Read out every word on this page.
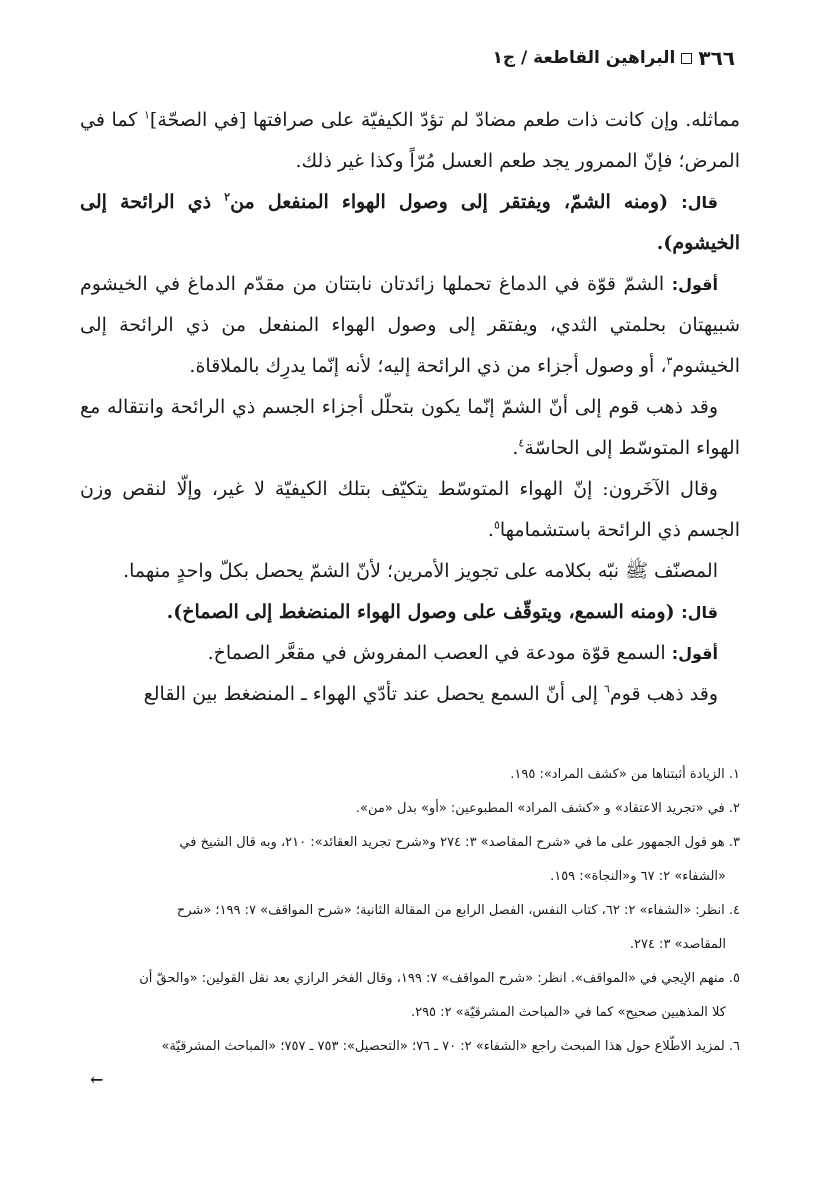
٣٦٦
البراهين القاطعة / ج١

مماثله. وإن كانت ذات طعم مضادّ لم تؤدّ الكيفيّة على صرافتها [في الصحّة]$^١$ كما في المرض؛ فإنّ الممرور يجد طعم العسل مُرّاً وكذا غير ذلك.

قال: (ومنه الشمّ، ويفتقر إلى وصول الهواء المنفعل من$^٢$ ذي الرائحة إلى الخيشوم).

أقول: الشمّ قوّة في الدماغ تحملها زائدتان نابتتان من مقدّم الدماغ في الخيشوم شبيهتان بحلمتي الثدي، ويفتقر إلى وصول الهواء المنفعل من ذي الرائحة إلى الخيشوم$^٣$، أو وصول أجزاء من ذي الرائحة إليه؛ لأنه إنّما يدرِك بالملاقاة.

وقد ذهب قوم إلى أنّ الشمّ إنّما يكون بتحلّل أجزاء الجسم ذي الرائحة وانتقاله مع الهواء المتوسّط إلى الحاسّة$^٤$.

وقال الآخَرون: إنّ الهواء المتوسّط يتكيّف بتلك الكيفيّة لا غير، وإلّا لنقص وزن الجسم ذي الرائحة باستشمامها$^٥$.

المصنّف ﷺ نبّه بكلامه على تجويز الأمرين؛ لأنّ الشمّ يحصل بكلّ واحدٍ منهما.

قال: (ومنه السمع، ويتوقّف على وصول الهواء المنضغط إلى الصماخ).

أقول: السمع قوّة مودعة في العصب المفروش في مقعَّر الصماخ.

وقد ذهب قوم$^٦$ إلى أنّ السمع يحصل عند تأدّي الهواء ـ المنضغط بين القالع

١. الزيادة أثبتناها من «كشف المراد»: ١٩٥.

٢. في «تجريد الاعتقاد» و «كشف المراد» المطبوعين: «أو» بدل «من».

٣. هو قول الجمهور على ما في «شرح المقاصد» ٣: ٢٧٤ و«شرح تجريد العقائد»: ٢١٠، وبه قال الشيخ في

«الشفاء» ٢: ٦٧ و«النجاة»: ١٥٩.

٤. انظر: «الشفاء» ٢: ٦٢، كتاب النفس، الفصل الرابع من المقالة الثانية؛ «شرح المواقف» ٧: ١٩٩؛ «شرح

المقاصد» ٣: ٢٧٤.

٥. منهم الإيجي في «المواقف». انظر: «شرح المواقف» ٧: ١٩٩، وقال الفخر الرازي بعد نقل القولين: «والحقّ أن

كلا المذهبين صحيح» كما في «المباحث المشرقيّة» ٢: ٢٩٥.

٦. لمزيد الاطّلاع حول هذا المبحث راجع «الشفاء» ٢: ٧٠ ـ ٧٦؛ «التحصيل»: ٧٥٣ ـ ٧٥٧؛ «المباحث المشرقيّة»

←
